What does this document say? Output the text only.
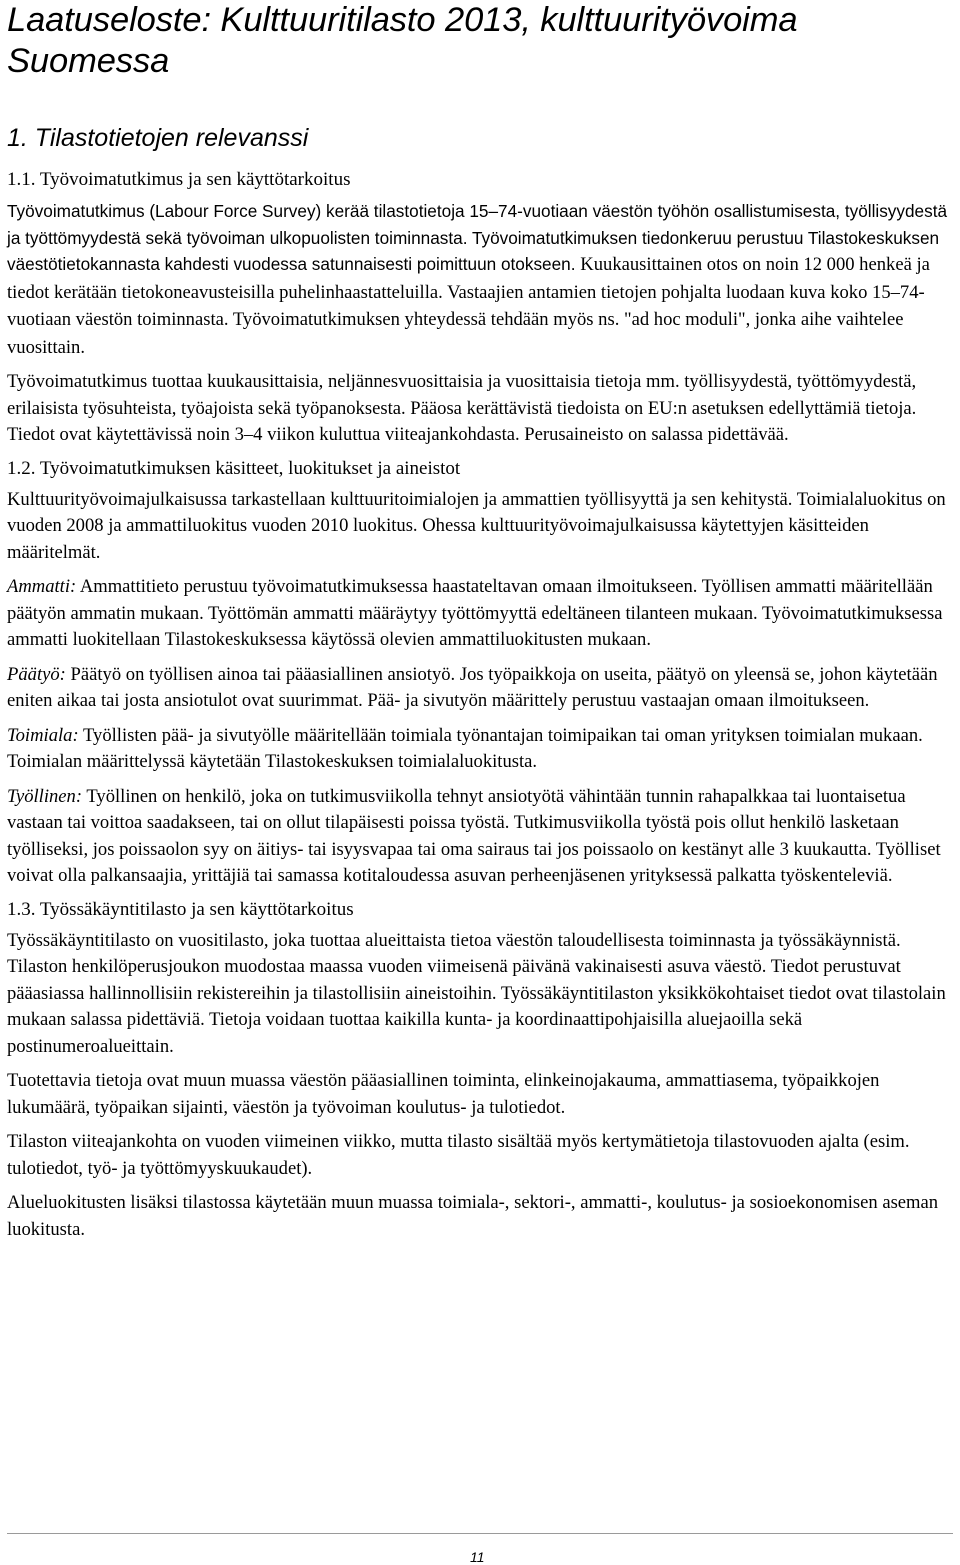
Laatuseloste: Kulttuuritilasto 2013, kulttuurityövoima Suomessa
1. Tilastotietojen relevanssi
1.1. Työvoimatutkimus ja sen käyttötarkoitus

Työvoimatutkimus (Labour Force Survey) kerää tilastotietoja 15–74-vuotiaan väestön työhön osallistumisesta, työllisyydestä ja työttömyydestä sekä työvoiman ulkopuolisten toiminnasta. Työvoimatutkimuksen tiedonkeruu perustuu Tilastokeskuksen väestötietokannasta kahdesti vuodessa satunnaisesti poimittuun otokseen. Kuukausittainen otos on noin 12 000 henkeä ja tiedot kerätään tietokoneavusteisilla puhelinhaastatteluilla. Vastaajien antamien tietojen pohjalta luodaan kuva koko 15–74-vuotiaan väestön toiminnasta. Työvoimatutkimuksen yhteydessä tehdään myös ns. "ad hoc moduli", jonka aihe vaihtelee vuosittain.

Työvoimatutkimus tuottaa kuukausittaisia, neljännesvuosittaisia ja vuosittaisia tietoja mm. työllisyydestä, työttömyydestä, erilaisista työsuhteista, työajoista sekä työpanoksesta. Pääosa kerättävistä tiedoista on EU:n asetuksen edellyttämiä tietoja. Tiedot ovat käytettävissä noin 3–4 viikon kuluttua viiteajankohdasta. Perusaineisto on salassa pidettävää.

1.2. Työvoimatutkimuksen käsitteet, luokitukset ja aineistot

Kulttuurityövoimajulkaisussa tarkastellaan kulttuuritoimialojen ja ammattien työllisyyttä ja sen kehitystä. Toimialaluokitus on vuoden 2008 ja ammattiluokitus vuoden 2010 luokitus. Ohessa kulttuurityövoimajulkaisussa käytettyjen käsitteiden määritelmät.

Ammatti: Ammattitieto perustuu työvoimatutkimuksessa haastateltavan omaan ilmoitukseen. Työllisen ammatti määritellään päätyön ammatin mukaan. Työttömän ammatti määräytyy työttömyyttä edeltäneen tilanteen mukaan. Työvoimatutkimuksessa ammatti luokitellaan Tilastokeskuksessa käytössä olevien ammattiluokitusten mukaan.

Päätyö: Päätyö on työllisen ainoa tai pääasiallinen ansiotyö. Jos työpaikkoja on useita, päätyö on yleensä se, johon käytetään eniten aikaa tai josta ansiotulot ovat suurimmat. Pää- ja sivutyön määrittely perustuu vastaajan omaan ilmoitukseen.

Toimiala: Työllisten pää- ja sivutyölle määritellään toimiala työnantajan toimipaikan tai oman yrityksen toimialan mukaan. Toimialan määrittelyssä käytetään Tilastokeskuksen toimialaluokitusta.

Työllinen: Työllinen on henkilö, joka on tutkimusviikolla tehnyt ansiotyötä vähintään tunnin rahapalkkaa tai luontaisetua vastaan tai voittoa saadakseen, tai on ollut tilapäisesti poissa työstä. Tutkimusviikolla työstä pois ollut henkilö lasketaan työlliseksi, jos poissaolon syy on äitiys- tai isyysvapaa tai oma sairaus tai jos poissaolo on kestänyt alle 3 kuukautta. Työlliset voivat olla palkansaajia, yrittäjiä tai samassa kotitaloudessa asuvan perheenjäsenen yrityksessä palkatta työskenteleviä.

1.3. Työssäkäyntitilasto ja sen käyttötarkoitus

Työssäkäyntitilasto on vuositilasto, joka tuottaa alueittaista tietoa väestön taloudellisesta toiminnasta ja työssäkäynnistä. Tilaston henkilöperusjoukon muodostaa maassa vuoden viimeisenä päivänä vakinaisesti asuva väestö. Tiedot perustuvat pääasiassa hallinnollisiin rekistereihin ja tilastollisiin aineistoihin. Työssäkäyntitilaston yksikkökohtaiset tiedot ovat tilastolain mukaan salassa pidettäviä. Tietoja voidaan tuottaa kaikilla kunta- ja koordinaattipohjaisilla aluejaoilla sekä postinumeroalueittain.

Tuotettavia tietoja ovat muun muassa väestön pääasiallinen toiminta, elinkeinojakauma, ammattiasema, työpaikkojen lukumäärä, työpaikan sijainti, väestön ja työvoiman koulutus- ja tulotiedot.

Tilaston viiteajankohta on vuoden viimeinen viikko, mutta tilasto sisältää myös kertymätietoja tilastovuoden ajalta (esim. tulotiedot, työ- ja työttömyyskuukaudet).

Alueluokitusten lisäksi tilastossa käytetään muun muassa toimiala-, sektori-, ammatti-, koulutus- ja sosioekonomisen aseman luokitusta.

11
